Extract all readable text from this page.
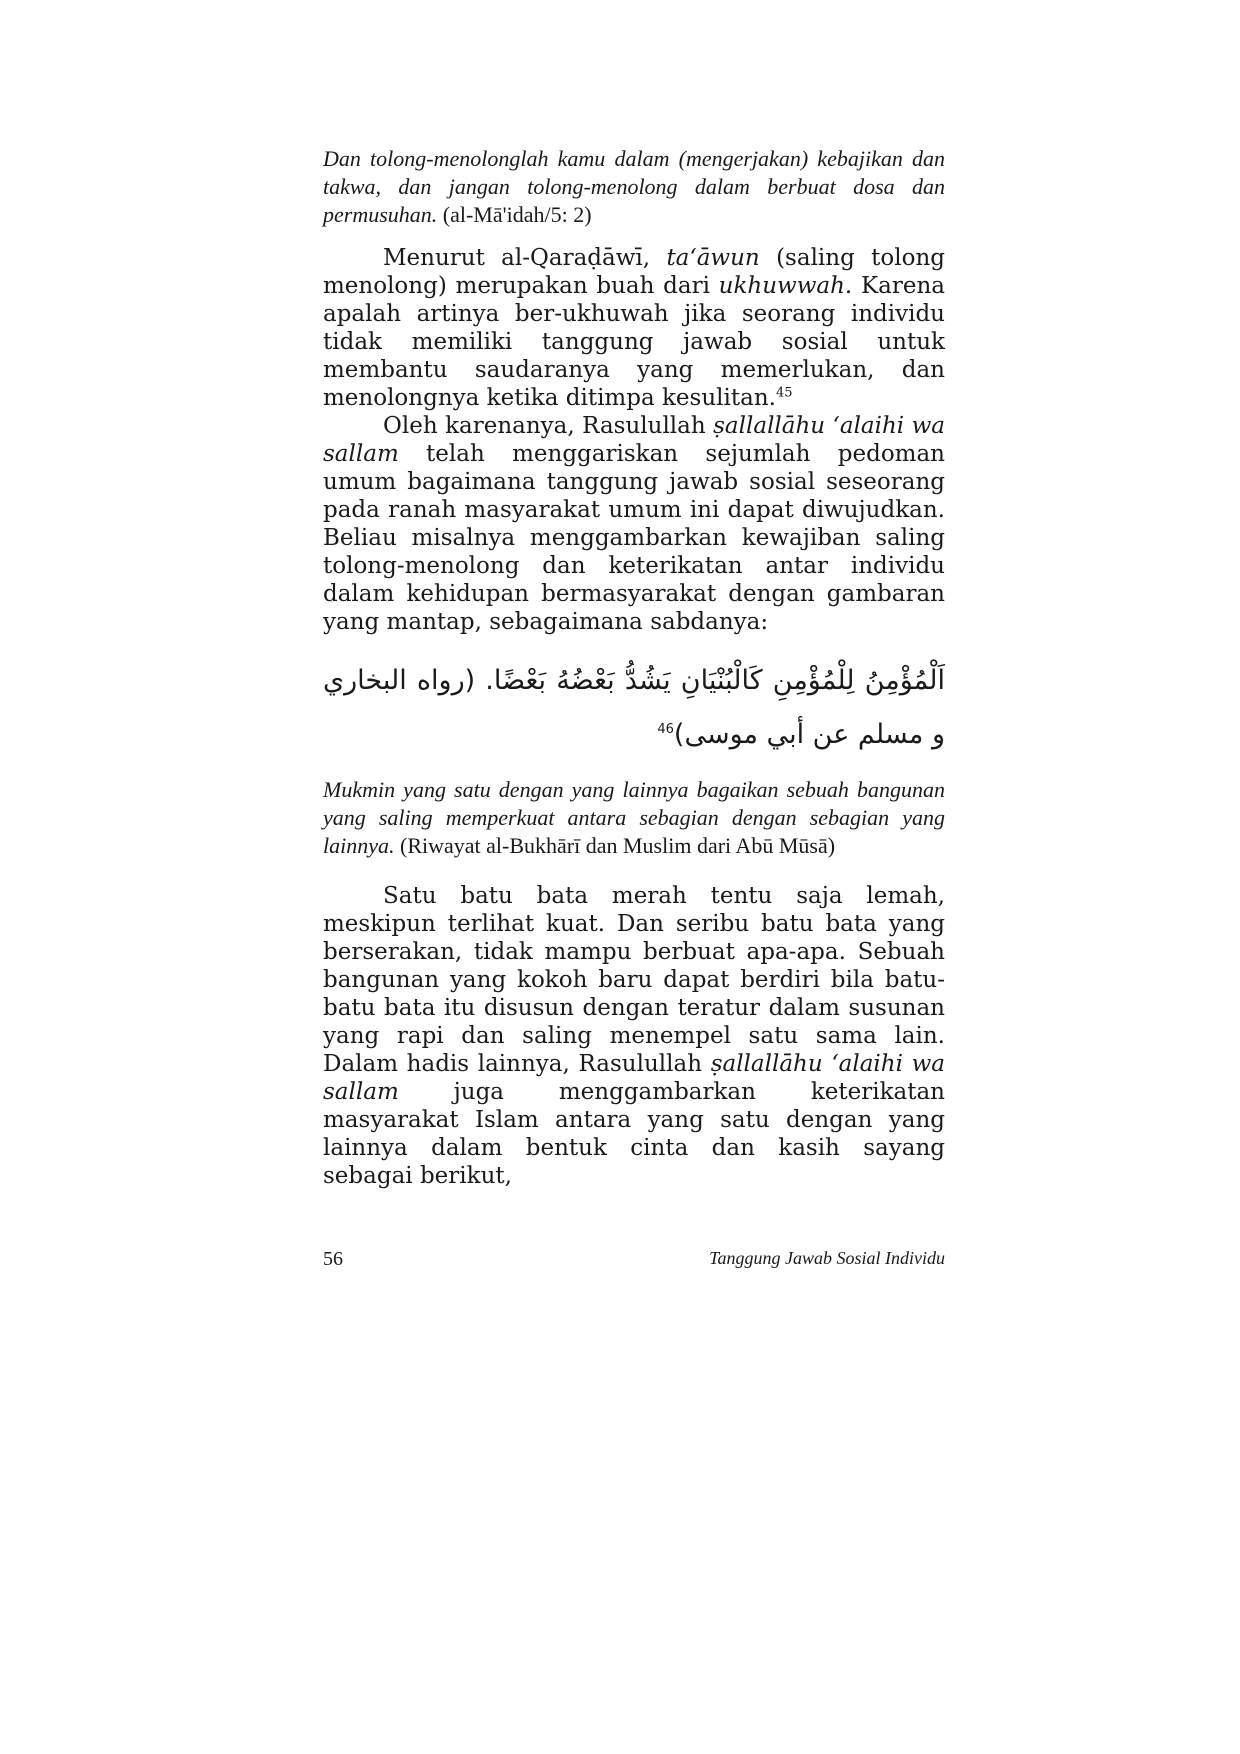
Dan tolong-menolonglah kamu dalam (mengerjakan) kebajikan dan takwa, dan jangan tolong-menolong dalam berbuat dosa dan permusuhan. (al-Mā'idah/5: 2)

Menurut al-Qaraḍāwī, ta‘āwun (saling tolong menolong) merupakan buah dari ukhuwwah. Karena apalah artinya ber-ukhuwah jika seorang individu tidak memiliki tanggung jawab sosial untuk membantu saudaranya yang memerlukan, dan menolongnya ketika ditimpa kesulitan.$^{45}$

Oleh karenanya, Rasulullah ṣallallāhu ‘alaihi wa sallam telah menggariskan sejumlah pedoman umum bagaimana tanggung jawab sosial seseorang pada ranah masyarakat umum ini dapat diwujudkan. Beliau misalnya menggambarkan kewajiban saling tolong-menolong dan keterikatan antar individu dalam kehidupan bermasyarakat dengan gambaran yang mantap, sebagaimana sabdanya:

اَلْمُؤْمِنُ لِلْمُؤْمِنِ كَالْبُنْيَانِ يَشُدُّ بَعْضُهُ بَعْضًا. (رواه البخاري و مسلم عن أبي موسى)$^{46}$

Mukmin yang satu dengan yang lainnya bagaikan sebuah bangunan yang saling memperkuat antara sebagian dengan sebagian yang lainnya. (Riwayat al-Bukhārī dan Muslim dari Abū Mūsā)

Satu batu bata merah tentu saja lemah, meskipun terlihat kuat. Dan seribu batu bata yang berserakan, tidak mampu berbuat apa-apa. Sebuah bangunan yang kokoh baru dapat berdiri bila batu-batu bata itu disusun dengan teratur dalam susunan yang rapi dan saling menempel satu sama lain. Dalam hadis lainnya, Rasulullah ṣallallāhu ‘alaihi wa sallam juga menggambarkan keterikatan masyarakat Islam antara yang satu dengan yang lainnya dalam bentuk cinta dan kasih sayang sebagai berikut,

56	Tanggung Jawab Sosial Individu
